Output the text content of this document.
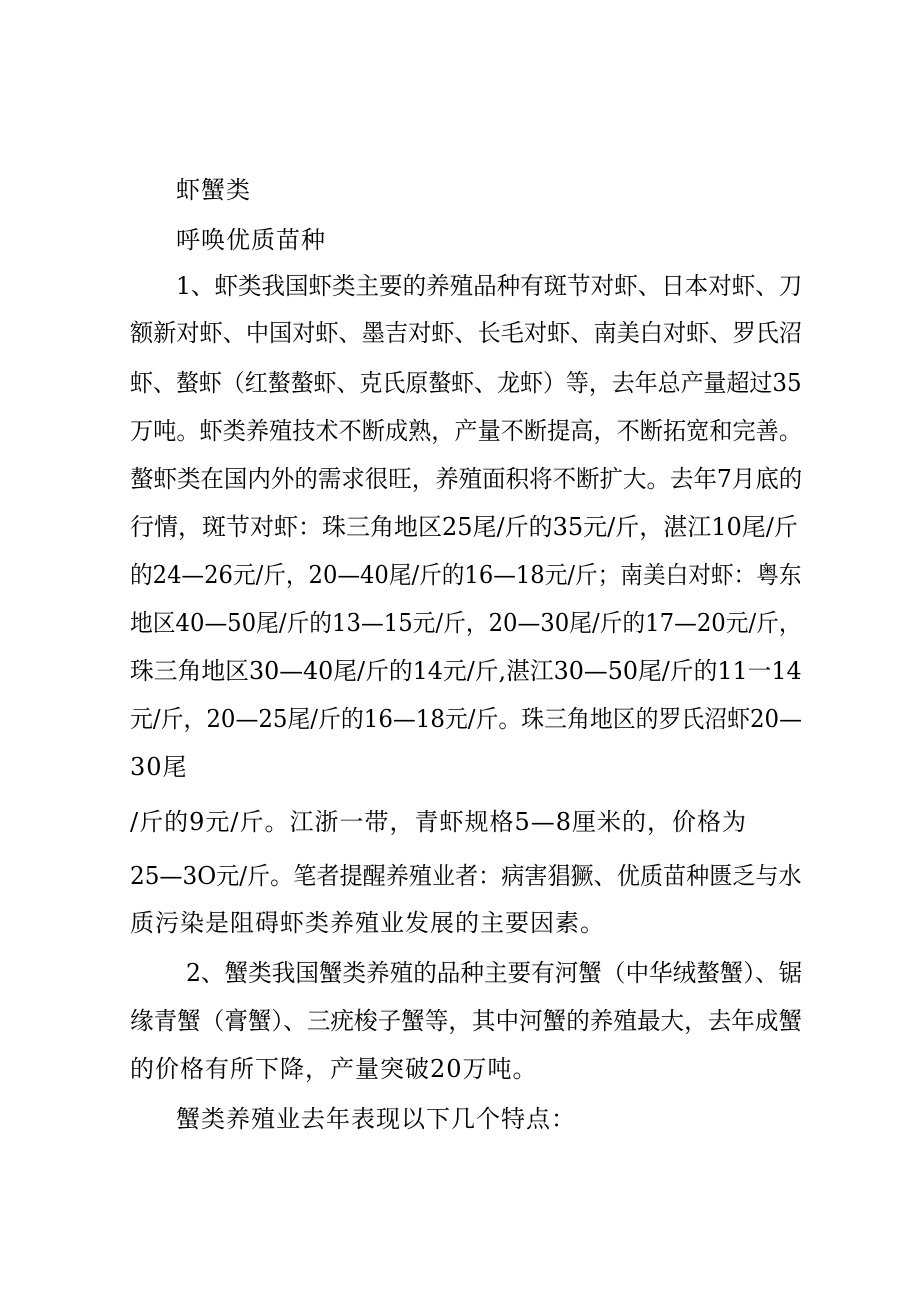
虾蟹类
呼唤优质苗种
1、虾类我国虾类主要的养殖品种有斑节对虾、日本对虾、刀
额新对虾、中国对虾、墨吉对虾、长毛对虾、南美白对虾、罗氏沼
虾、螯虾（红螯螯虾、克氏原螯虾、龙虾）等，去年总产量超过35
万吨。虾类养殖技术不断成熟，产量不断提高，不断拓宽和完善。
螯虾类在国内外的需求很旺，养殖面积将不断扩大。去年7月底的
行情，斑节对虾：珠三角地区25尾/斤的35元/斤，湛江10尾/斤
的24—26元/斤，20—40尾/斤的16—18元/斤；南美白对虾：粤东
地区40—50尾/斤的13—15元/斤，20—30尾/斤的17—20元/斤，
珠三角地区30—40尾/斤的14元/斤,湛江30—50尾/斤的11一14
元/斤，20—25尾/斤的16—18元/斤。珠三角地区的罗氏沼虾20—
30尾
/斤的9元/斤。江浙一带，青虾规格5—8厘米的，价格为
25—3O元/斤。笔者提醒养殖业者：病害猖獗、优质苗种匮乏与水
质污染是阻碍虾类养殖业发展的主要因素。
2、蟹类我国蟹类养殖的品种主要有河蟹（中华绒螯蟹）、锯
缘青蟹（膏蟹）、三疣梭子蟹等，其中河蟹的养殖最大，去年成蟹
的价格有所下降，产量突破20万吨。
蟹类养殖业去年表现以下几个特点：
